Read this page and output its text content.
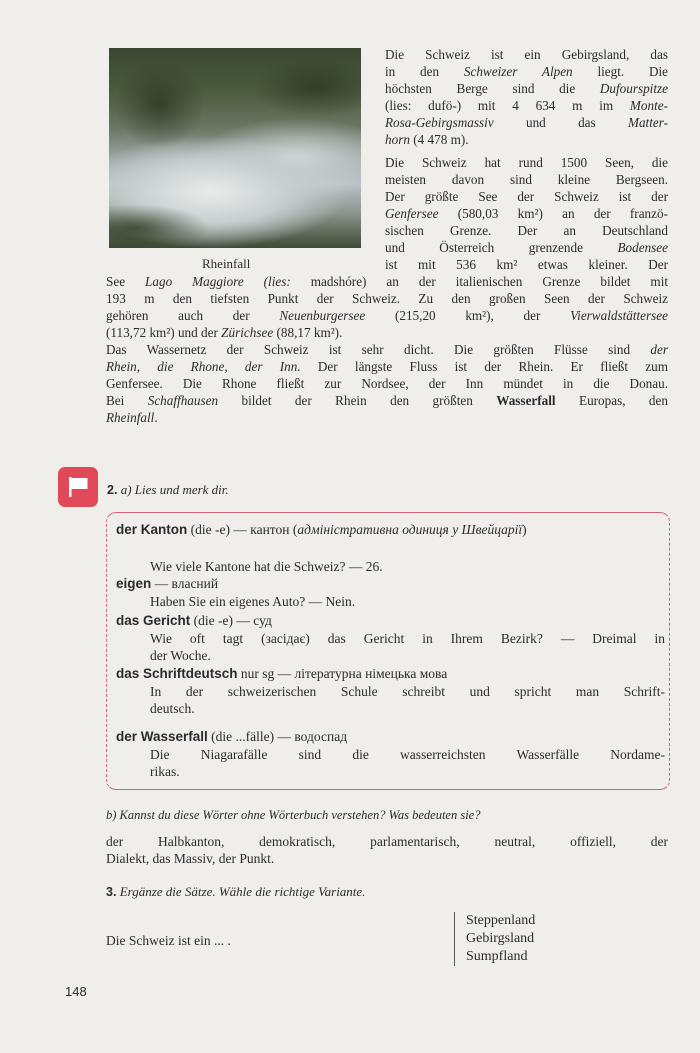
Rheinfall
Die Schweiz ist ein Gebirgsland, das
in den Schweizer Alpen liegt. Die
höchsten Berge sind die Dufourspitze
(lies: dufö-) mit 4 634 m im Monte-
Rosa-Gebirgsmassiv und das Matter-
horn (4 478 m).
Die Schweiz hat rund 1500 Seen, die
meisten davon sind kleine Bergseen.
Der größte See der Schweiz ist der
Genfersee (580,03 km²) an der franzö-
sischen Grenze. Der an Deutschland
und Österreich grenzende Bodensee
ist mit 536 km² etwas kleiner. Der
See Lago Maggiore (lies: madshóre) an der italienischen Grenze bildet mit
193 m den tiefsten Punkt der Schweiz. Zu den großen Seen der Schweiz
gehören auch der Neuenburgersee (215,20 km²), der Vierwaldstättersee
(113,72 km²) und der Zürichsee (88,17 km²).
Das Wassernetz der Schweiz ist sehr dicht. Die größten Flüsse sind der
Rhein, die Rhone, der Inn. Der längste Fluss ist der Rhein. Er fließt zum
Genfersee. Die Rhone fließt zur Nordsee, der Inn mündet in die Donau.
Bei Schaffhausen bildet der Rhein den größten Wasserfall Europas, den
Rheinfall.
2. a) Lies und merk dir.
der Kanton (die -e) — кантон (адміністративна одиниця у Швейцарії)
Wie viele Kantone hat die Schweiz? — 26.
eigen — власний
Haben Sie ein eigenes Auto? — Nein.
das Gericht (die -e) — суд
Wie oft tagt (засідає) das Gericht in Ihrem Bezirk? — Dreimal in
der Woche.
das Schriftdeutsch nur sg — літературна німецька мова
In der schweizerischen Schule schreibt und spricht man Schrift-
deutsch.
der Wasserfall (die ...fälle) — водоспад
Die Niagarafälle sind die wasserreichsten Wasserfälle Nordame-
rikas.
b) Kannst du diese Wörter ohne Wörterbuch verstehen? Was bedeuten sie?
der Halbkanton, demokratisch, parlamentarisch, neutral, offiziell, der
Dialekt, das Massiv, der Punkt.
3. Ergänze die Sätze. Wähle die richtige Variante.
Die Schweiz ist ein ... .
Steppenland
Gebirgsland
Sumpfland
148
